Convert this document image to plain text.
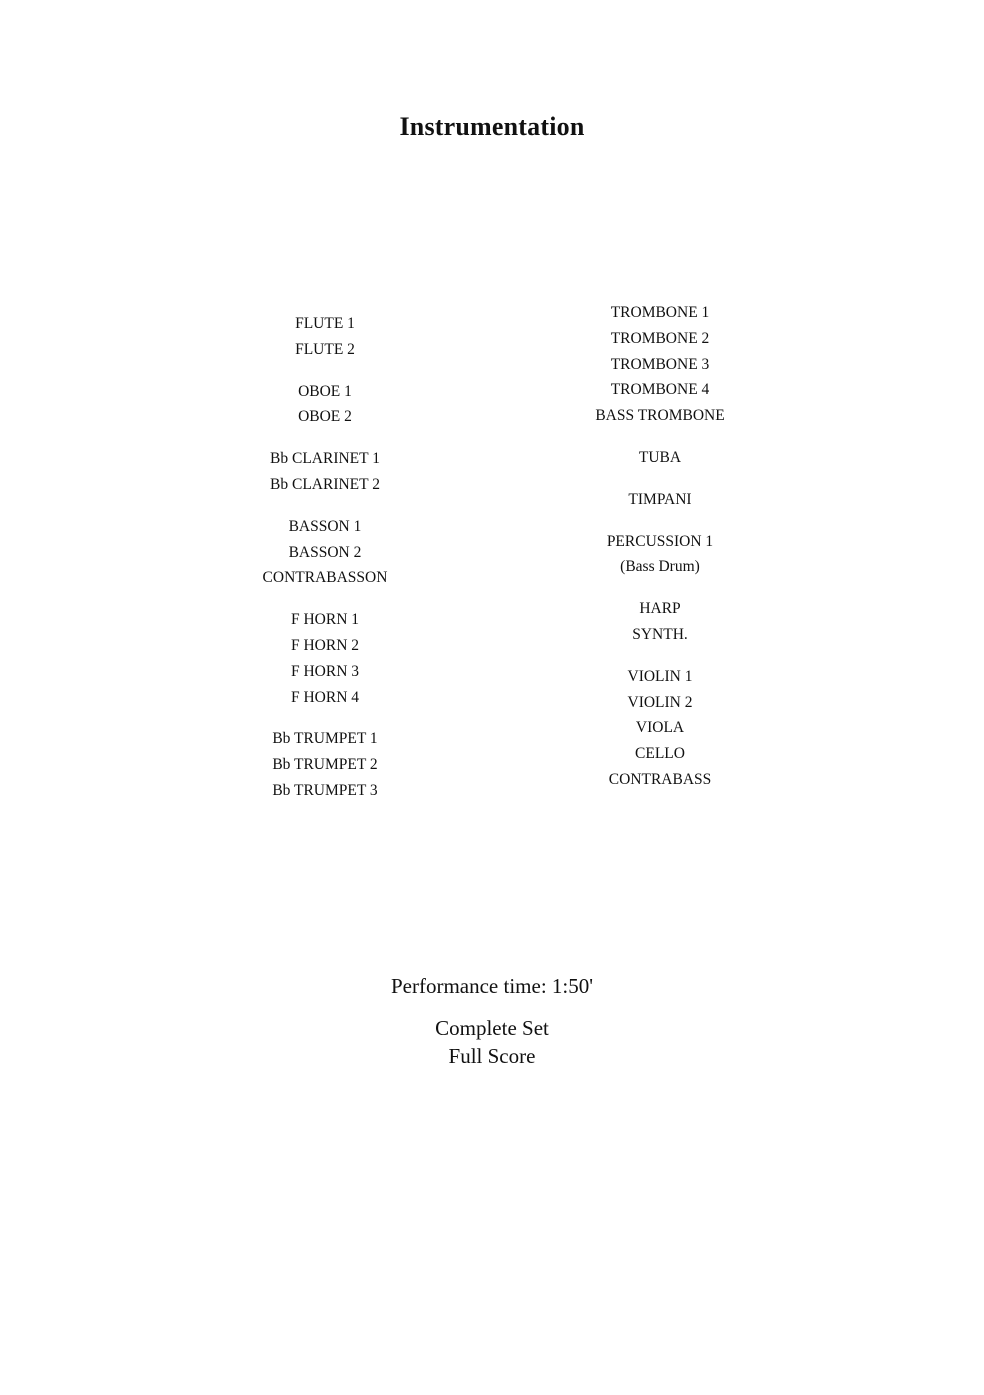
Instrumentation
FLUTE 1
FLUTE 2
OBOE 1
OBOE 2
Bb CLARINET 1
Bb CLARINET 2
BASSON 1
BASSON 2
CONTRABASSON
F HORN 1
F HORN 2
F HORN 3
F HORN 4
Bb TRUMPET 1
Bb TRUMPET 2
Bb TRUMPET 3
TROMBONE 1
TROMBONE 2
TROMBONE 3
TROMBONE 4
BASS TROMBONE
TUBA
TIMPANI
PERCUSSION 1
(Bass Drum)
HARP
SYNTH.
VIOLIN 1
VIOLIN 2
VIOLA
CELLO
CONTRABASS
Performance time: 1:50'
Complete Set
Full Score
